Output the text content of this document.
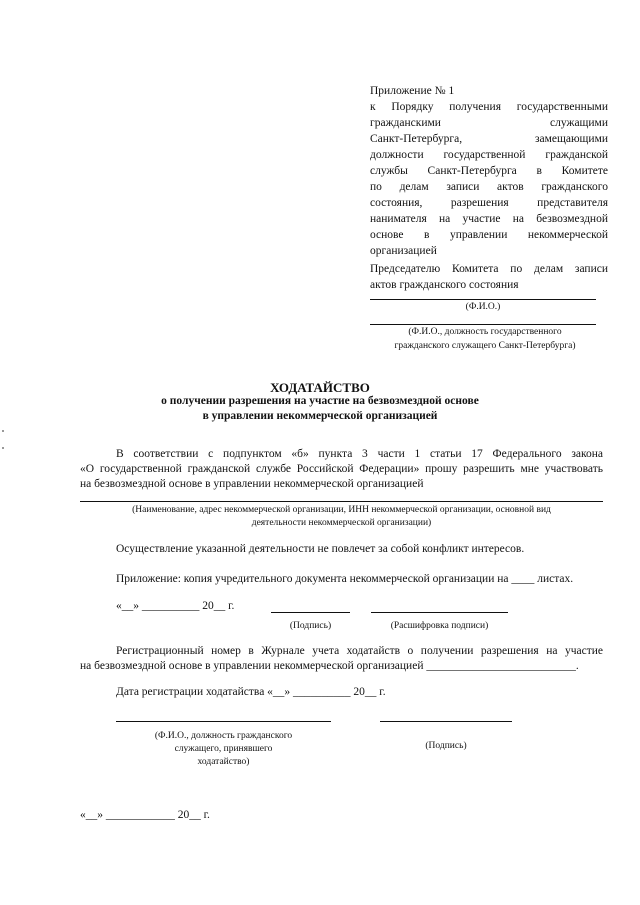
Приложение № 1

к Порядку получения государственными

гражданскими служащими

Санкт-Петербурга, замещающими

должности государственной гражданской

службы Санкт-Петербурга в Комитете

по делам записи актов гражданского

состояния, разрешения представителя

нанимателя на участие на безвозмездной

основе в управлении некоммерческой

организацией

Председателю Комитета по делам записи

актов гражданского состояния

(Ф.И.О.)
(Ф.И.О., должность государственного
гражданского служащего Санкт-Петербурга)
ХОДАТАЙСТВО
о получении разрешения на участие на безвозмездной основе
в управлении некоммерческой организацией
В соответствии с подпунктом «б» пункта 3 части 1 статьи 17 Федерального закона
«О государственной гражданской службе Российской Федерации» прошу разрешить мне участвовать
на безвозмездной основе в управлении некоммерческой организацией
(Наименование, адрес некоммерческой организации, ИНН некоммерческой организации, основной вид
деятельности некоммерческой организации)
Осуществление указанной деятельности не повлечет за собой конфликт интересов.
Приложение: копия учредительного документа некоммерческой организации на ____ листах.
«__» __________ 20__ г.
(Подпись)	(Расшифровка подписи)
Регистрационный номер в Журнале учета ходатайств о получении разрешения на участие
на безвозмездной основе в управлении некоммерческой организацией __________________________.
Дата регистрации ходатайства «__» __________ 20__ г.
(Ф.И.О., должность гражданского
служащего, принявшего
ходатайство)
(Подпись)
«__» ____________ 20__ г.
